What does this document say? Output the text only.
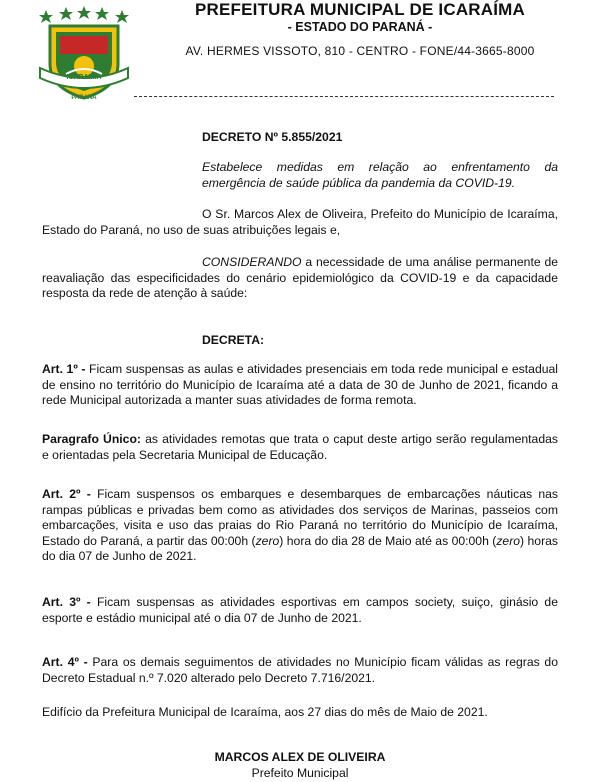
ICARAIMA
PARANÁ
PREFEITURA MUNICIPAL DE ICARAÍMA
- ESTADO DO PARANÁ -
AV. HERMES VISSOTO, 810 - CENTRO - FONE/44-3665-8000

DECRETO Nº 5.855/2021

Estabelece medidas em relação ao enfrentamento da emergência de saúde pública da pandemia da COVID-19.

O Sr. Marcos Alex de Oliveira, Prefeito do Município de Icaraíma, Estado do Paraná, no uso de suas atribuições legais e,

CONSIDERANDO a necessidade de uma análise permanente de reavaliação das especificidades do cenário epidemiológico da COVID-19 e da capacidade resposta da rede de atenção à saúde:

DECRETA:

Art. 1º - Ficam suspensas as aulas e atividades presenciais em toda rede municipal e estadual de ensino no território do Município de Icaraíma até a data de 30 de Junho de 2021, ficando a rede Municipal autorizada a manter suas atividades de forma remota.

Paragrafo Único: as atividades remotas que trata o caput deste artigo serão regulamentadas e orientadas pela Secretaria Municipal de Educação.

Art. 2º - Ficam suspensos os embarques e desembarques de embarcações náuticas nas rampas públicas e privadas bem como as atividades dos serviços de Marinas, passeios com embarcações, visita e uso das praias do Rio Paraná no território do Município de Icaraíma, Estado do Paraná, a partir das 00:00h (zero) hora do dia 28 de Maio até as 00:00h (zero) horas do dia 07 de Junho de 2021.

Art. 3º - Ficam suspensas as atividades esportivas em campos society, suiço, ginásio de esporte e estádio municipal até o dia 07 de Junho de 2021.

Art. 4º - Para os demais seguimentos de atividades no Município ficam válidas as regras do Decreto Estadual n.º 7.020 alterado pelo Decreto 7.716/2021.

Edifício da Prefeitura Municipal de Icaraíma, aos 27 dias do mês de Maio de 2021.

MARCOS ALEX DE OLIVEIRA

Prefeito Municipal
